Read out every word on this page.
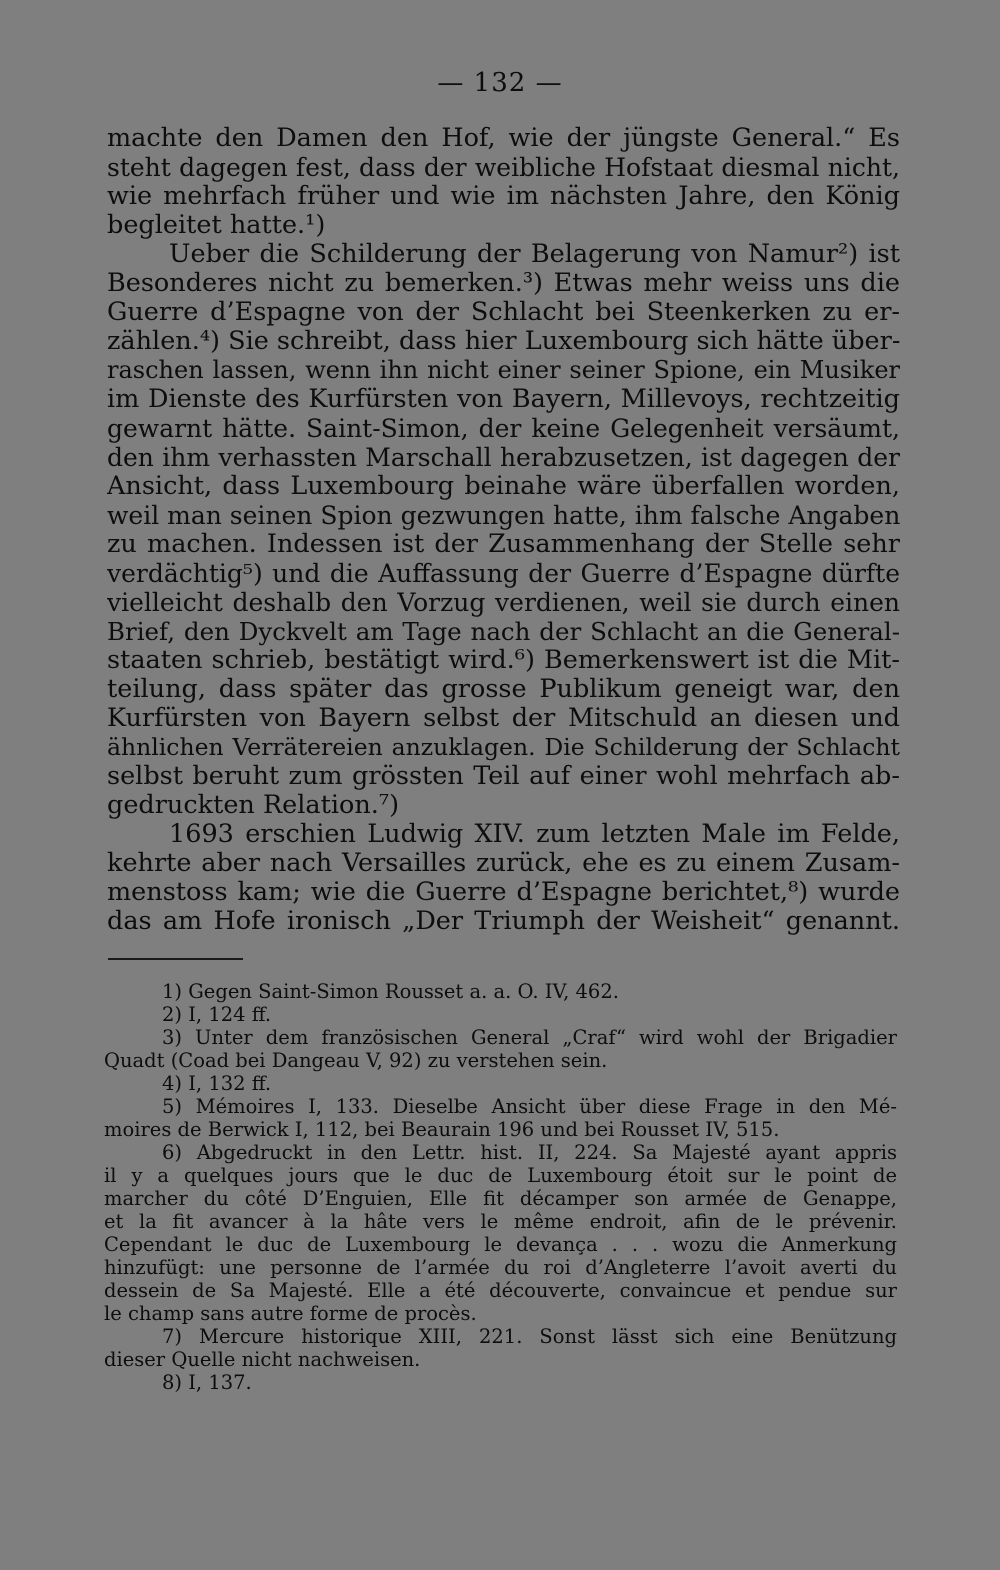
— 132 —
machte den Damen den Hof, wie der jüngste General.“ Es
steht dagegen fest, dass der weibliche Hofstaat diesmal nicht,
wie mehrfach früher und wie im nächsten Jahre, den König
begleitet hatte.¹)
Ueber die Schilderung der Belagerung von Namur²) ist
Besonderes nicht zu bemerken.³) Etwas mehr weiss uns die
Guerre d’Espagne von der Schlacht bei Steenkerken zu er-
zählen.⁴) Sie schreibt, dass hier Luxembourg sich hätte über-
raschen lassen, wenn ihn nicht einer seiner Spione, ein Musiker
im Dienste des Kurfürsten von Bayern, Millevoys, rechtzeitig
gewarnt hätte. Saint-Simon, der keine Gelegenheit versäumt,
den ihm verhassten Marschall herabzusetzen, ist dagegen der
Ansicht, dass Luxembourg beinahe wäre überfallen worden,
weil man seinen Spion gezwungen hatte, ihm falsche Angaben
zu machen. Indessen ist der Zusammenhang der Stelle sehr
verdächtig⁵) und die Auffassung der Guerre d’Espagne dürfte
vielleicht deshalb den Vorzug verdienen, weil sie durch einen
Brief, den Dyckvelt am Tage nach der Schlacht an die General-
staaten schrieb, bestätigt wird.⁶) Bemerkenswert ist die Mit-
teilung, dass später das grosse Publikum geneigt war, den
Kurfürsten von Bayern selbst der Mitschuld an diesen und
ähnlichen Verrätereien anzuklagen. Die Schilderung der Schlacht
selbst beruht zum grössten Teil auf einer wohl mehrfach ab-
gedruckten Relation.⁷)
1693 erschien Ludwig XIV. zum letzten Male im Felde,
kehrte aber nach Versailles zurück, ehe es zu einem Zusam-
menstoss kam; wie die Guerre d’Espagne berichtet,⁸) wurde
das am Hofe ironisch „Der Triumph der Weisheit“ genannt.
1) Gegen Saint-Simon Rousset a. a. O. IV, 462.
2) I, 124 ff.
3) Unter dem französischen General „Craf“ wird wohl der Brigadier
Quadt (Coad bei Dangeau V, 92) zu verstehen sein.
4) I, 132 ff.
5) Mémoires I, 133. Dieselbe Ansicht über diese Frage in den Mé-
moires de Berwick I, 112, bei Beaurain 196 und bei Rousset IV, 515.
6) Abgedruckt in den Lettr. hist. II, 224. Sa Majesté ayant appris
il y a quelques jours que le duc de Luxembourg étoit sur le point de
marcher du côté D’Enguien, Elle fit décamper son armée de Genappe,
et la fit avancer à la hâte vers le même endroit, afin de le prévenir.
Cependant le duc de Luxembourg le devança . . . wozu die Anmerkung
hinzufügt: une personne de l’armée du roi d’Angleterre l’avoit averti du
dessein de Sa Majesté. Elle a été découverte, convaincue et pendue sur
le champ sans autre forme de procès.
7) Mercure historique XIII, 221. Sonst lässt sich eine Benützung
dieser Quelle nicht nachweisen.
8) I, 137.
